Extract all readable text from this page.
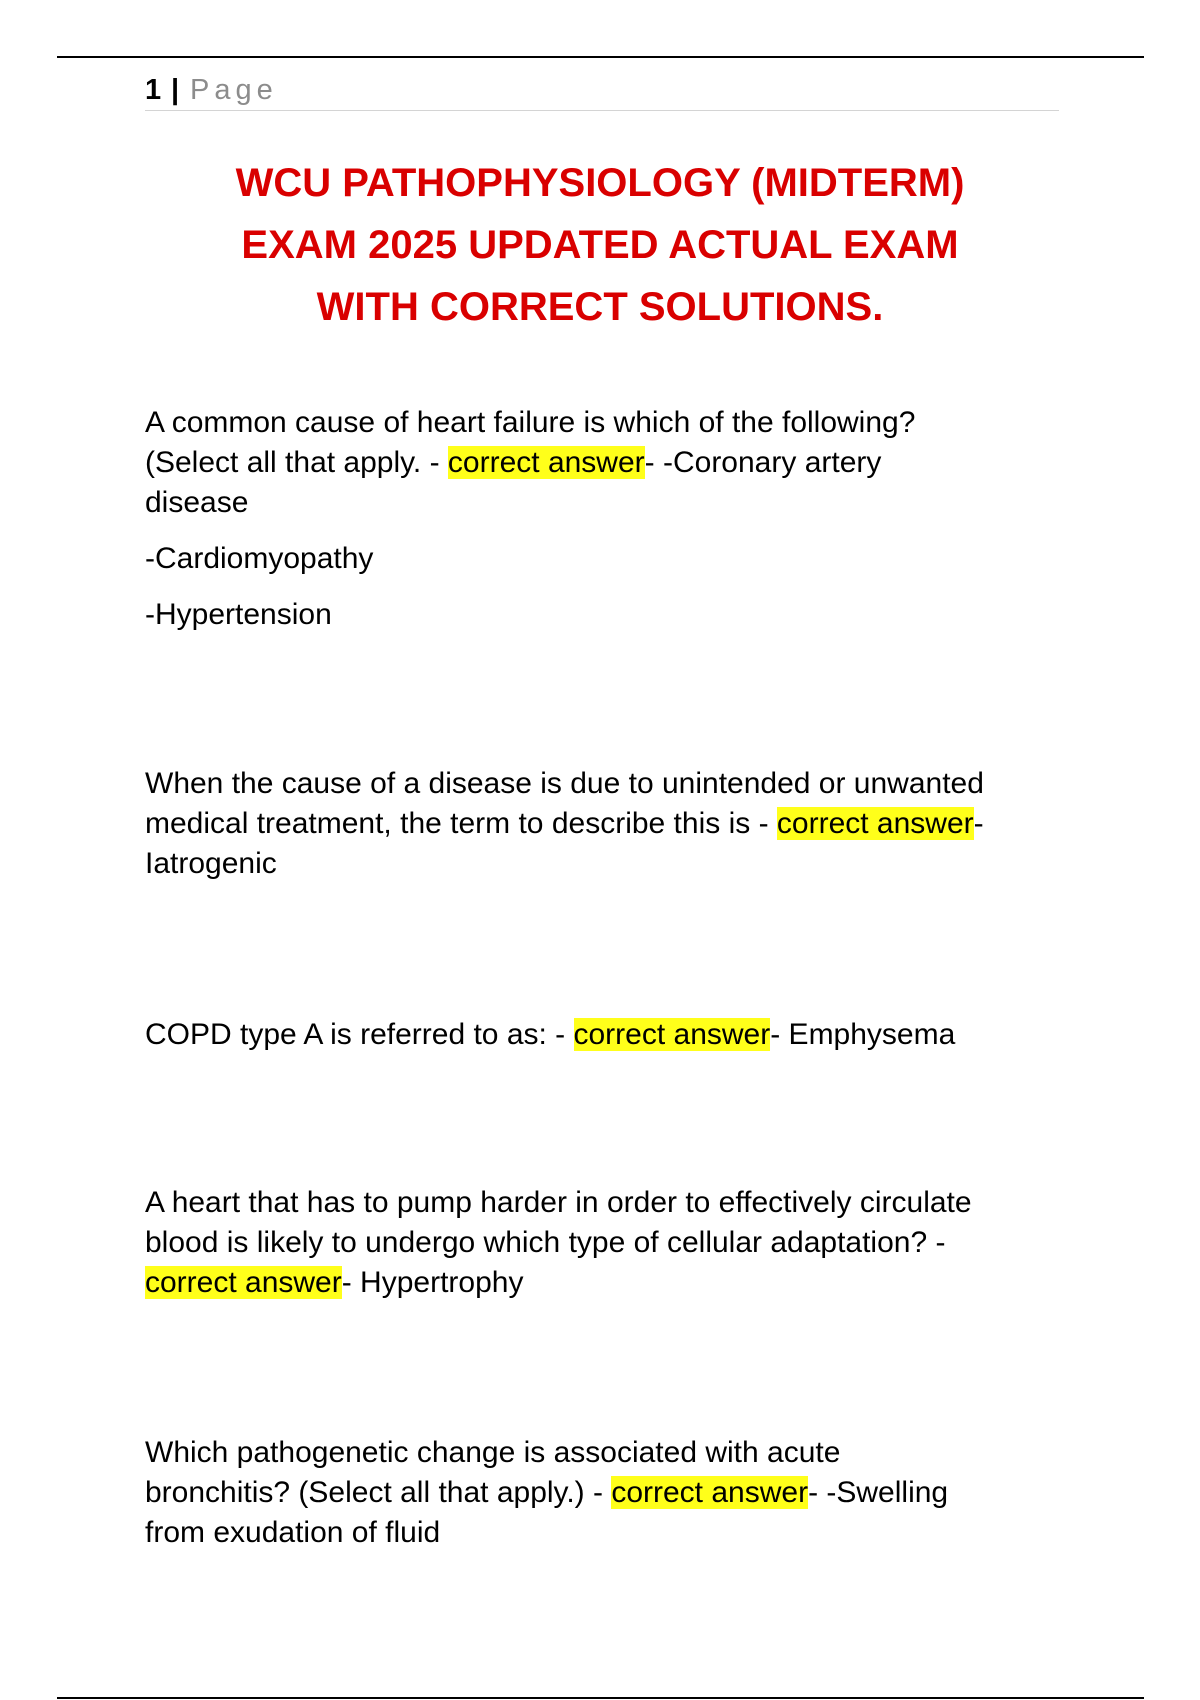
1 | Page

WCU PATHOPHYSIOLOGY (MIDTERM)

EXAM 2025 UPDATED ACTUAL EXAM

WITH CORRECT SOLUTIONS.

A common cause of heart failure is which of the following?

(Select all that apply. - correct answer- -Coronary artery

disease

-Cardiomyopathy

-Hypertension

When the cause of a disease is due to unintended or unwanted

medical treatment, the term to describe this is - correct answer-

Iatrogenic

COPD type A is referred to as: - correct answer- Emphysema

A heart that has to pump harder in order to effectively circulate

blood is likely to undergo which type of cellular adaptation? -

correct answer- Hypertrophy

Which pathogenetic change is associated with acute

bronchitis? (Select all that apply.) - correct answer- -Swelling

from exudation of fluid
